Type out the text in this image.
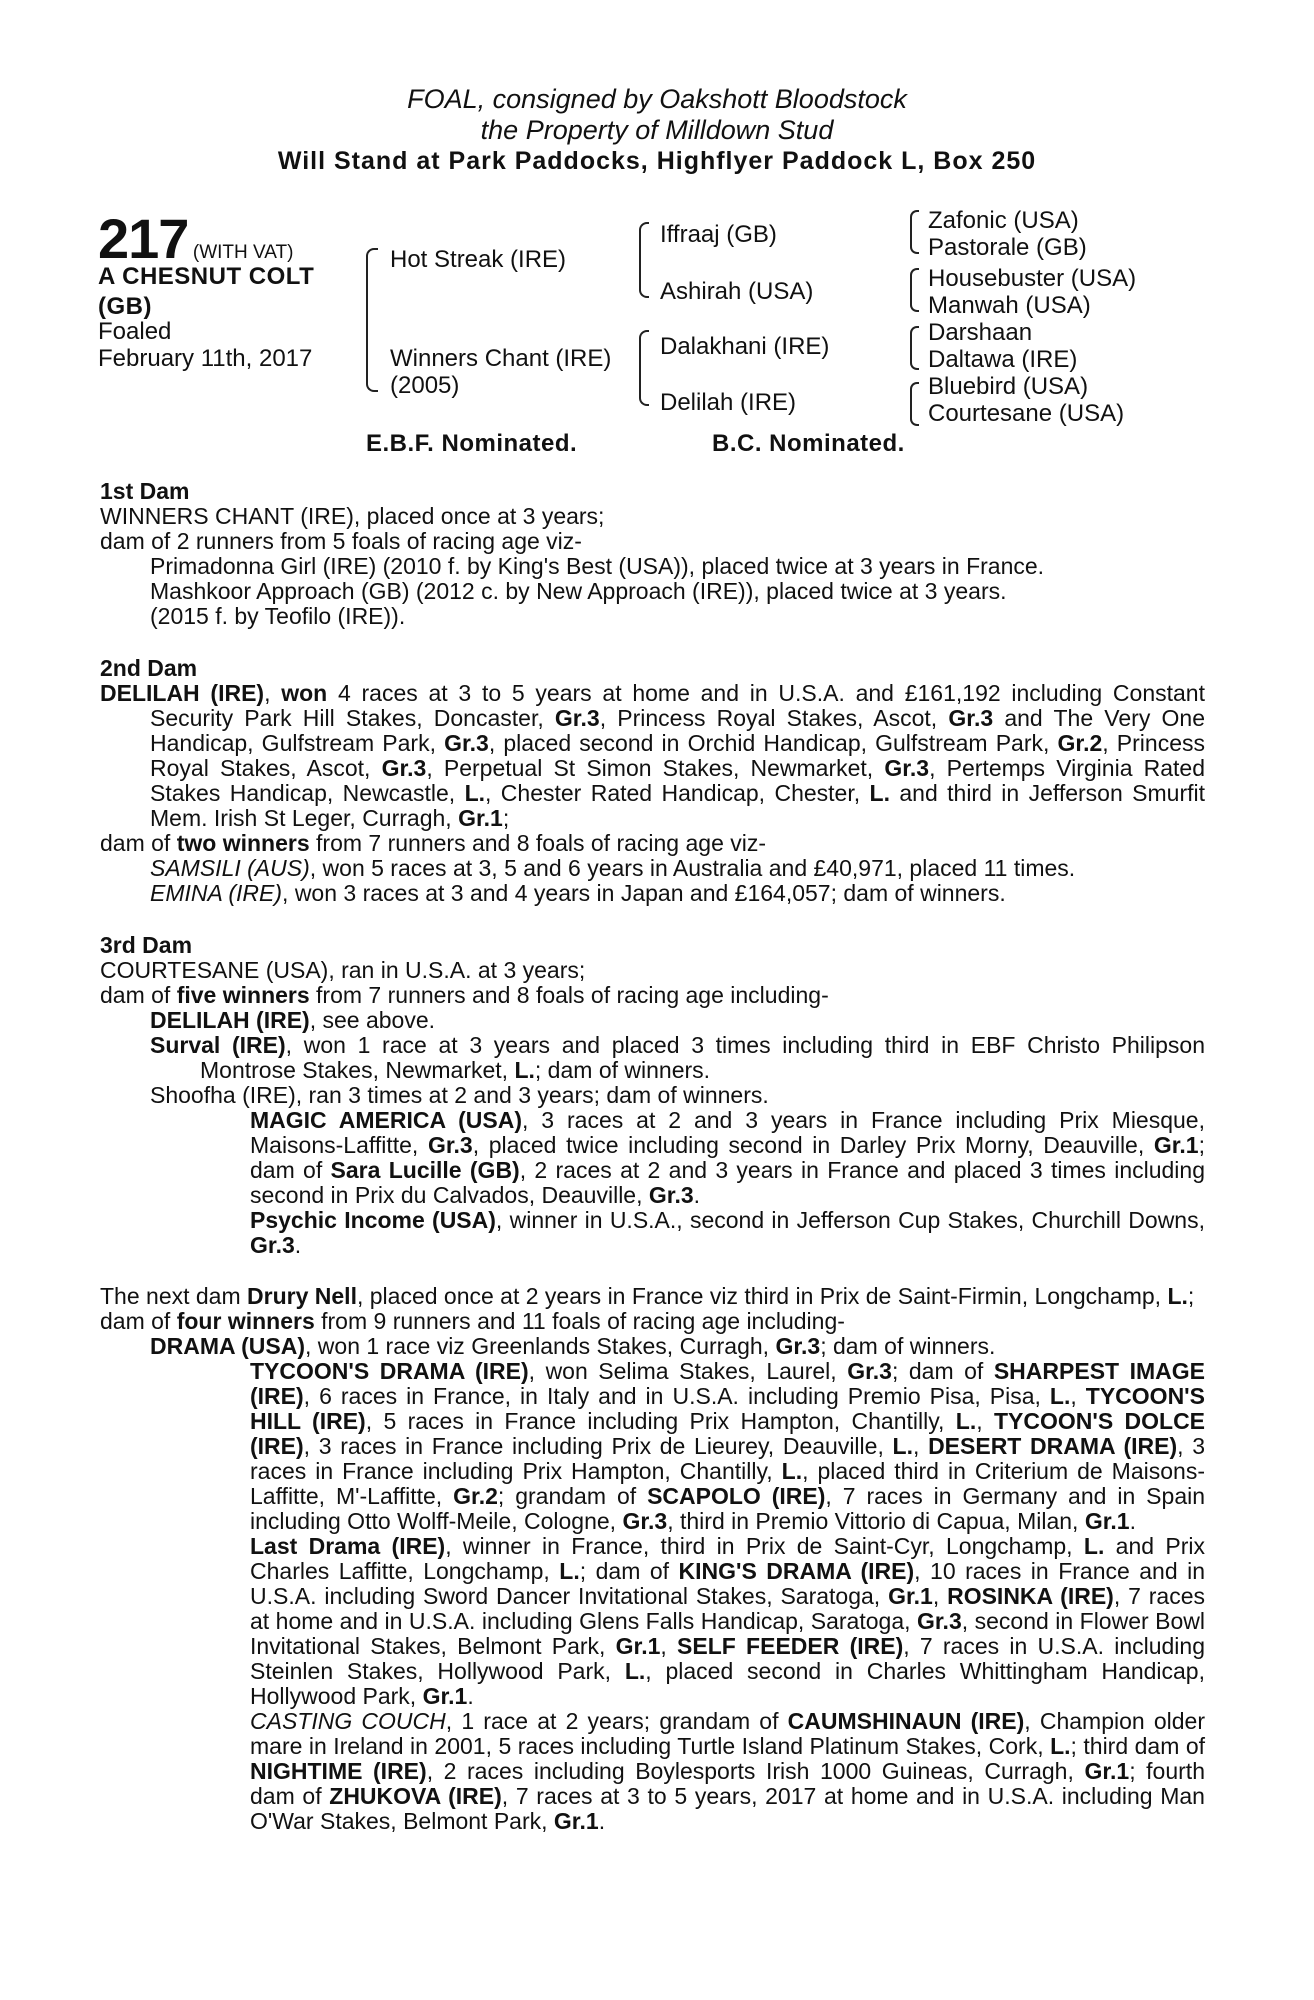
FOAL, consigned by Oakshott Bloodstock
the Property of Milldown Stud
Will Stand at Park Paddocks, Highflyer Paddock L, Box 250
217 (WITH VAT)
A CHESNUT COLT
(GB)
Foaled
February 11th, 2017
Hot Streak (IRE)
Winners Chant (IRE)
(2005)
Iffraaj (GB)
Ashirah (USA)
Dalakhani (IRE)
Delilah (IRE)
Zafonic (USA)
Pastorale (GB)
Housebuster (USA)
Manwah (USA)
Darshaan
Daltawa (IRE)
Bluebird (USA)
Courtesane (USA)
E.B.F. Nominated.	B.C. Nominated.
1st Dam

WINNERS CHANT (IRE), placed once at 3 years;

dam of 2 runners from 5 foals of racing age viz-

Primadonna Girl (IRE) (2010 f. by King's Best (USA)), placed twice at 3 years in France.

Mashkoor Approach (GB) (2012 c. by New Approach (IRE)), placed twice at 3 years.

(2015 f. by Teofilo (IRE)).

2nd Dam

DELILAH (IRE), won 4 races at 3 to 5 years at home and in U.S.A. and £161,192 including Constant Security Park Hill Stakes, Doncaster, Gr.3, Princess Royal Stakes, Ascot, Gr.3 and The Very One Handicap, Gulfstream Park, Gr.3, placed second in Orchid Handicap, Gulfstream Park, Gr.2, Princess Royal Stakes, Ascot, Gr.3, Perpetual St Simon Stakes, Newmarket, Gr.3, Pertemps Virginia Rated Stakes Handicap, Newcastle, L., Chester Rated Handicap, Chester, L. and third in Jefferson Smurfit Mem. Irish St Leger, Curragh, Gr.1;

dam of two winners from 7 runners and 8 foals of racing age viz-

SAMSILI (AUS), won 5 races at 3, 5 and 6 years in Australia and £40,971, placed 11 times.

EMINA (IRE), won 3 races at 3 and 4 years in Japan and £164,057; dam of winners.

3rd Dam

COURTESANE (USA), ran in U.S.A. at 3 years;

dam of five winners from 7 runners and 8 foals of racing age including-

DELILAH (IRE), see above.

Surval (IRE), won 1 race at 3 years and placed 3 times including third in EBF Christo Philipson Montrose Stakes, Newmarket, L.; dam of winners.

Shoofha (IRE), ran 3 times at 2 and 3 years; dam of winners.

MAGIC AMERICA (USA), 3 races at 2 and 3 years in France including Prix Miesque, Maisons-Laffitte, Gr.3, placed twice including second in Darley Prix Morny, Deauville, Gr.1; dam of Sara Lucille (GB), 2 races at 2 and 3 years in France and placed 3 times including second in Prix du Calvados, Deauville, Gr.3.

Psychic Income (USA), winner in U.S.A., second in Jefferson Cup Stakes, Churchill Downs, Gr.3.

The next dam Drury Nell, placed once at 2 years in France viz third in Prix de Saint-Firmin, Longchamp, L.;

dam of four winners from 9 runners and 11 foals of racing age including-

DRAMA (USA), won 1 race viz Greenlands Stakes, Curragh, Gr.3; dam of winners.

TYCOON'S DRAMA (IRE), won Selima Stakes, Laurel, Gr.3; dam of SHARPEST IMAGE (IRE), 6 races in France, in Italy and in U.S.A. including Premio Pisa, Pisa, L., TYCOON'S HILL (IRE), 5 races in France including Prix Hampton, Chantilly, L., TYCOON'S DOLCE (IRE), 3 races in France including Prix de Lieurey, Deauville, L., DESERT DRAMA (IRE), 3 races in France including Prix Hampton, Chantilly, L., placed third in Criterium de Maisons-Laffitte, M'-Laffitte, Gr.2; grandam of SCAPOLO (IRE), 7 races in Germany and in Spain including Otto Wolff-Meile, Cologne, Gr.3, third in Premio Vittorio di Capua, Milan, Gr.1.

Last Drama (IRE), winner in France, third in Prix de Saint-Cyr, Longchamp, L. and Prix Charles Laffitte, Longchamp, L.; dam of KING'S DRAMA (IRE), 10 races in France and in U.S.A. including Sword Dancer Invitational Stakes, Saratoga, Gr.1, ROSINKA (IRE), 7 races at home and in U.S.A. including Glens Falls Handicap, Saratoga, Gr.3, second in Flower Bowl Invitational Stakes, Belmont Park, Gr.1, SELF FEEDER (IRE), 7 races in U.S.A. including Steinlen Stakes, Hollywood Park, L., placed second in Charles Whittingham Handicap, Hollywood Park, Gr.1.

CASTING COUCH, 1 race at 2 years; grandam of CAUMSHINAUN (IRE), Champion older mare in Ireland in 2001, 5 races including Turtle Island Platinum Stakes, Cork, L.; third dam of NIGHTIME (IRE), 2 races including Boylesports Irish 1000 Guineas, Curragh, Gr.1; fourth dam of ZHUKOVA (IRE), 7 races at 3 to 5 years, 2017 at home and in U.S.A. including Man O'War Stakes, Belmont Park, Gr.1.
